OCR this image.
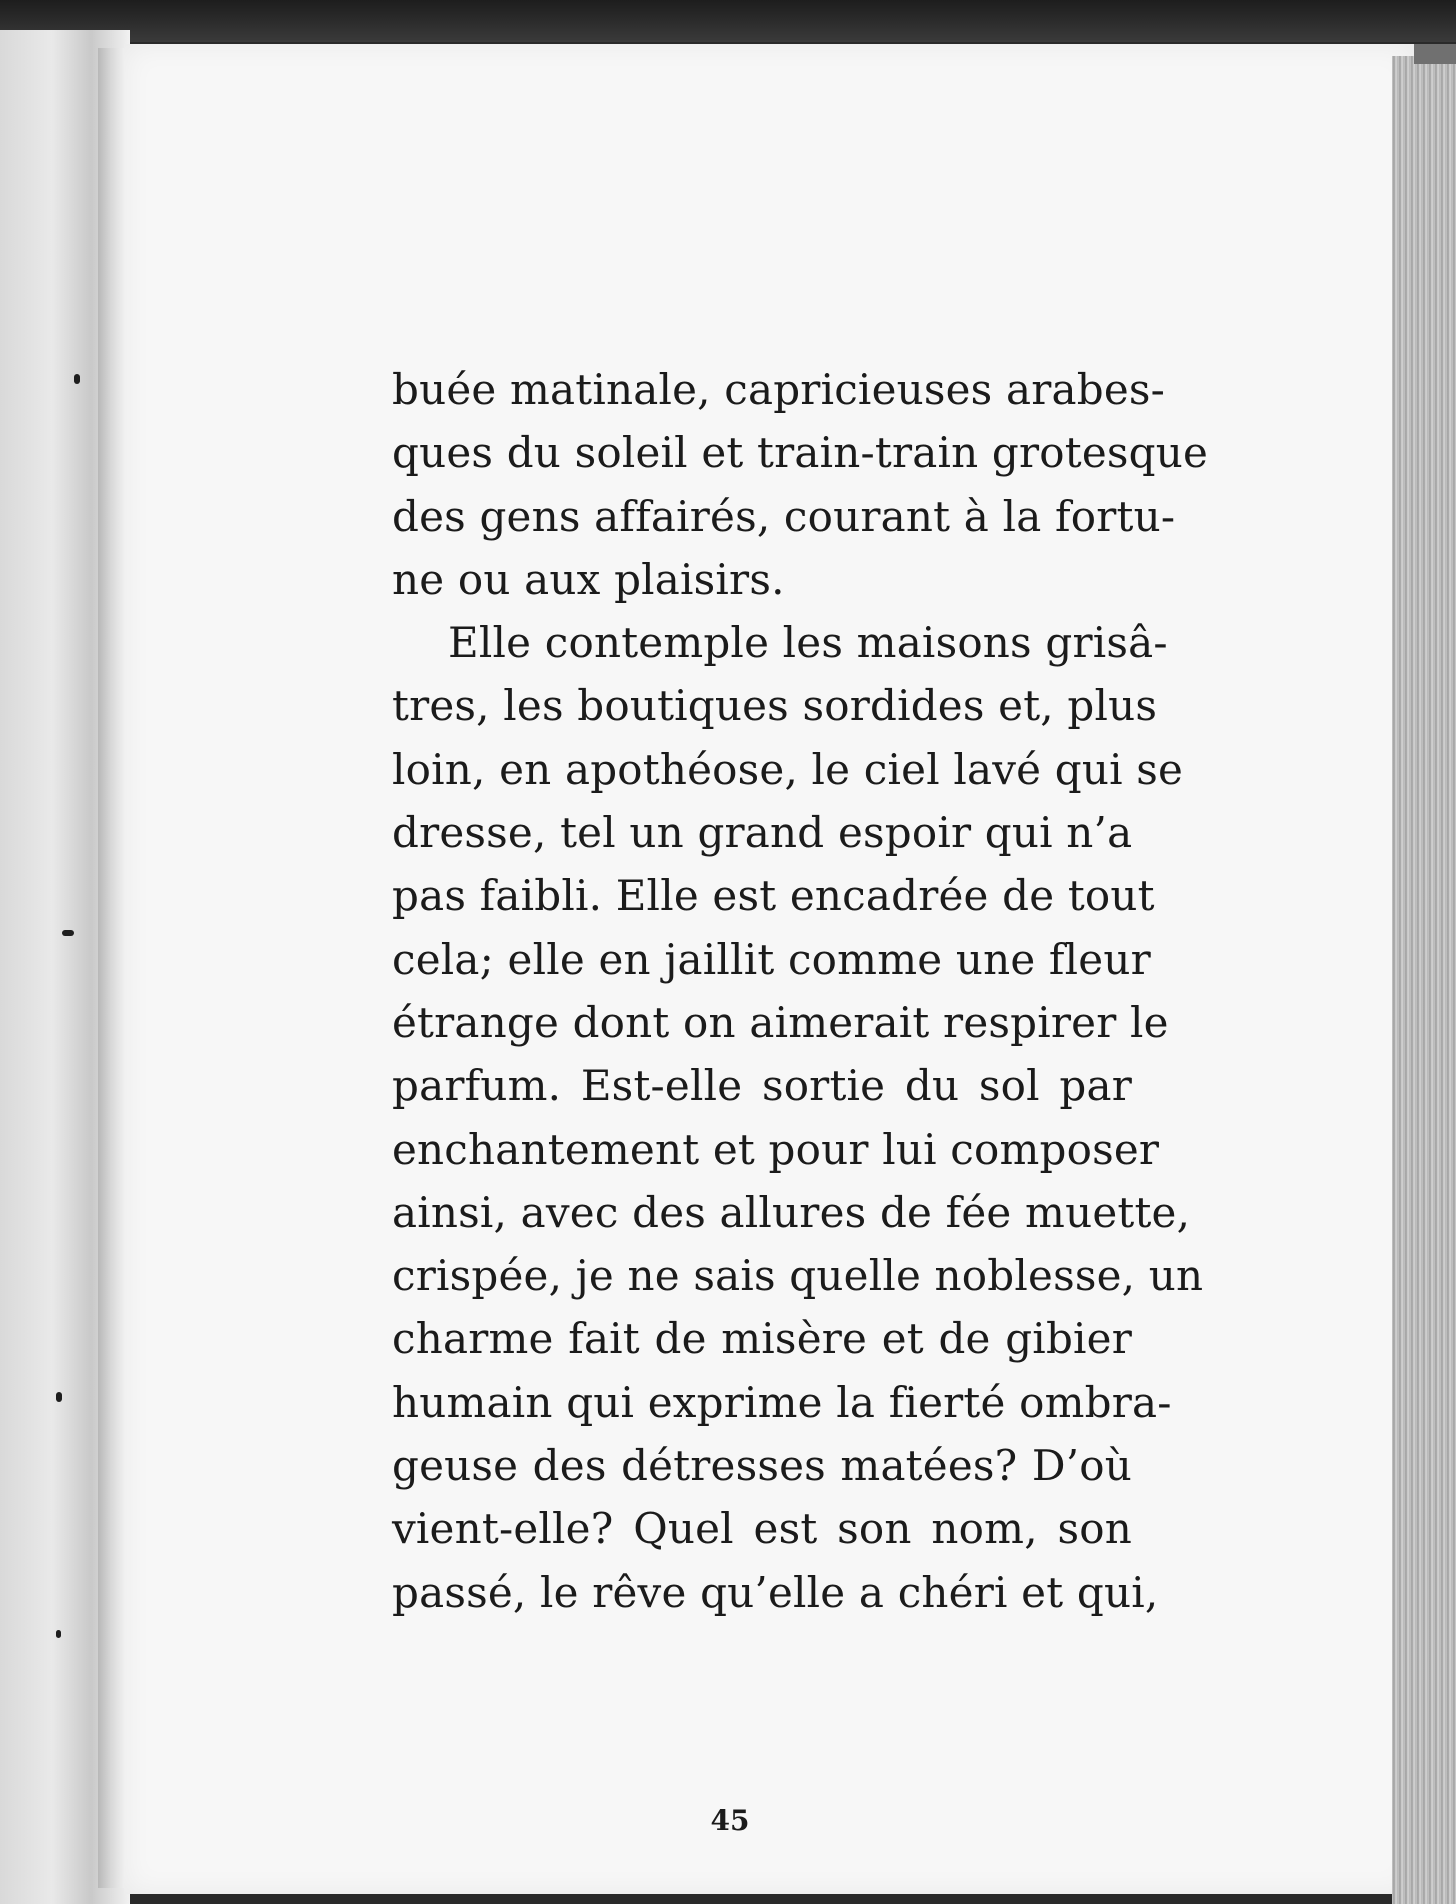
buée matinale, capricieuses arabes-
ques du soleil et train-train grotesque
des gens affairés, courant à la fortu-
ne ou aux plaisirs.
Elle contemple les maisons grisâ-
tres, les boutiques sordides et, plus
loin, en apothéose, le ciel lavé qui se
dresse, tel un grand espoir qui n’a
pas faibli. Elle est encadrée de tout
cela; elle en jaillit comme une fleur
étrange dont on aimerait respirer le
parfum. Est-elle sortie du sol par
enchantement et pour lui composer
ainsi, avec des allures de fée muette,
crispée, je ne sais quelle noblesse, un
charme fait de misère et de gibier
humain qui exprime la fierté ombra-
geuse des détresses matées? D’où
vient-elle? Quel est son nom, son
passé, le rêve qu’elle a chéri et qui,
45
